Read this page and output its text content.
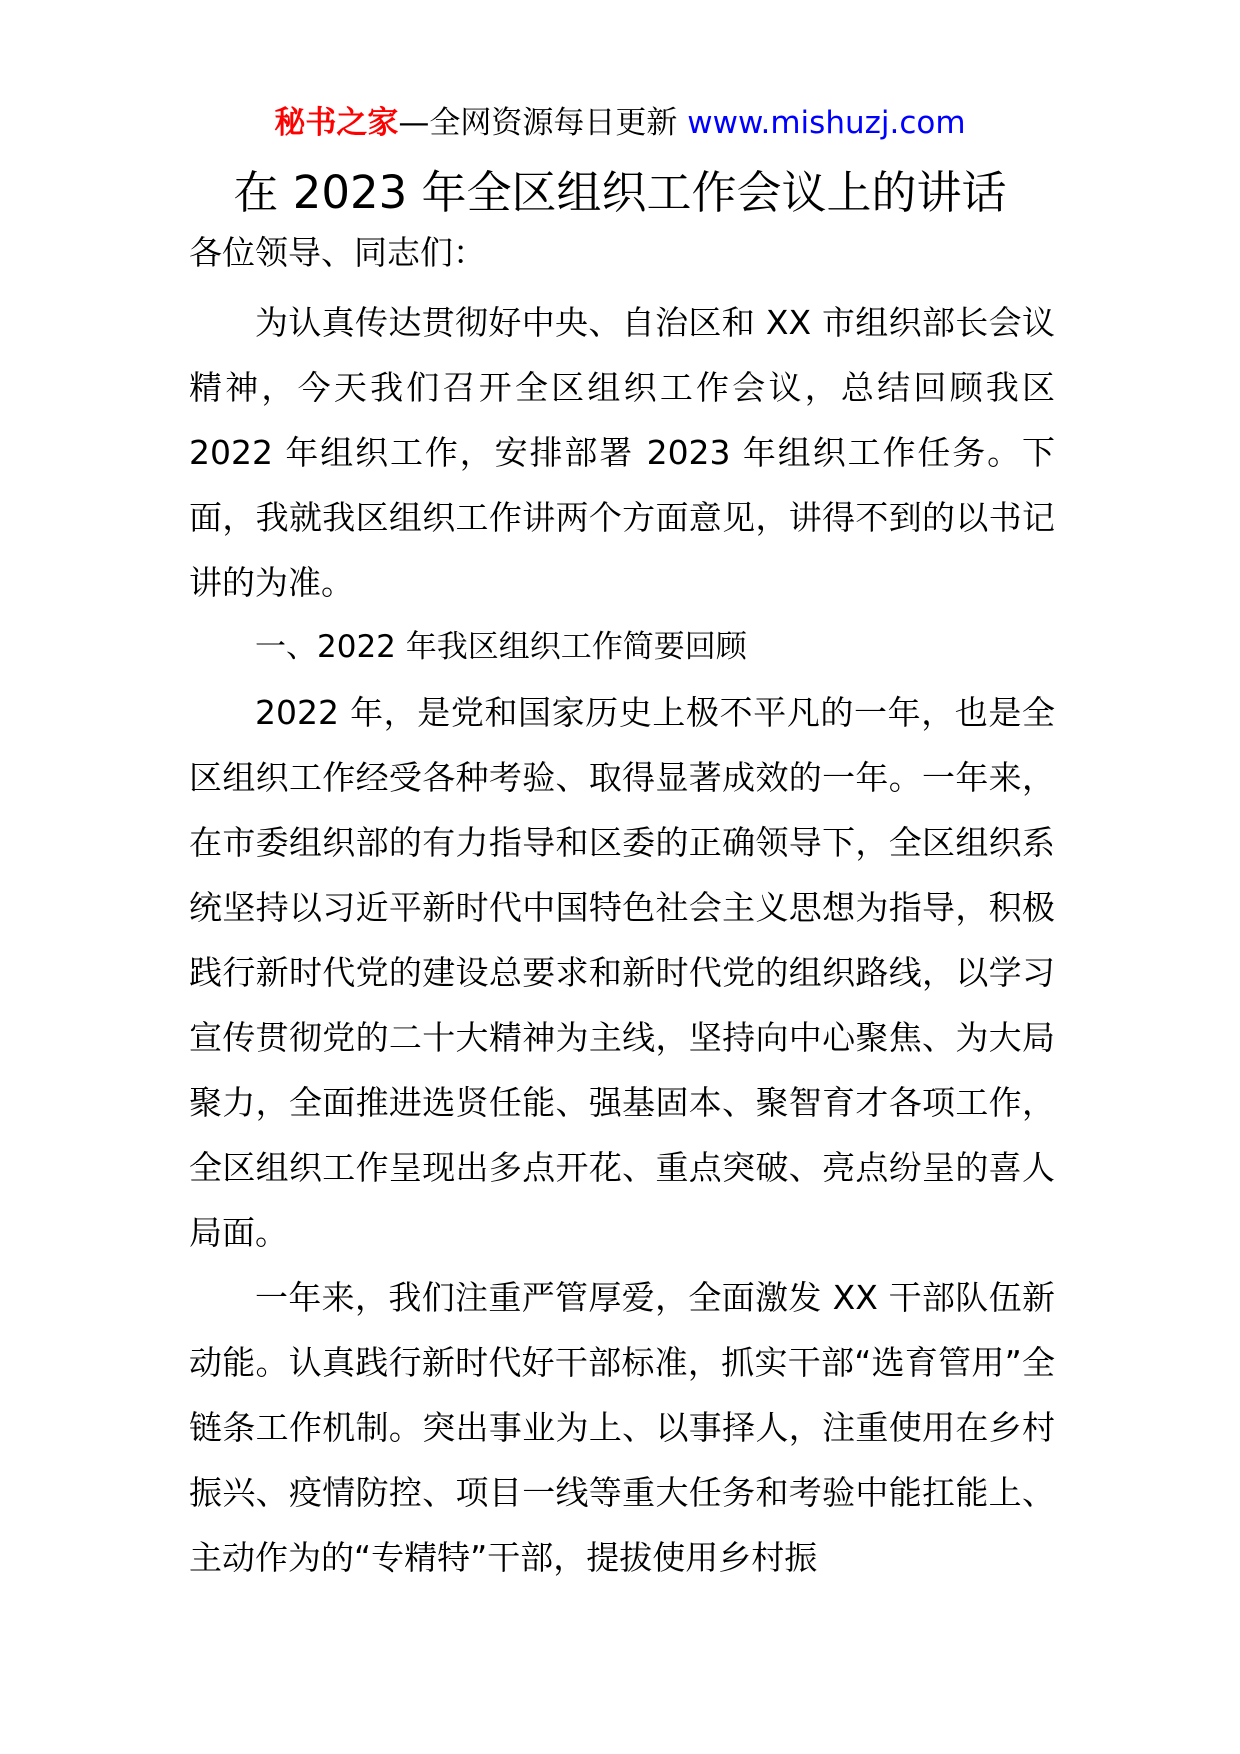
秘书之家—全网资源每日更新 www.mishuzj.com
在 2023 年全区组织工作会议上的讲话
各位领导、同志们：

为认真传达贯彻好中央、自治区和 XX 市组织部长会议精神，今天我们召开全区组织工作会议，总结回顾我区 2022 年组织工作，安排部署 2023 年组织工作任务。下面，我就我区组织工作讲两个方面意见，讲得不到的以书记讲的为准。

一、2022 年我区组织工作简要回顾

2022 年，是党和国家历史上极不平凡的一年，也是全区组织工作经受各种考验、取得显著成效的一年。一年来，在市委组织部的有力指导和区委的正确领导下，全区组织系统坚持以习近平新时代中国特色社会主义思想为指导，积极践行新时代党的建设总要求和新时代党的组织路线，以学习宣传贯彻党的二十大精神为主线，坚持向中心聚焦、为大局聚力，全面推进选贤任能、强基固本、聚智育才各项工作，全区组织工作呈现出多点开花、重点突破、亮点纷呈的喜人局面。

一年来，我们注重严管厚爱，全面激发 XX 干部队伍新动能。认真践行新时代好干部标准，抓实干部“选育管用”全链条工作机制。突出事业为上、以事择人，注重使用在乡村振兴、疫情防控、项目一线等重大任务和考验中能扛能上、主动作为的“专精特”干部，提拔使用乡村振
